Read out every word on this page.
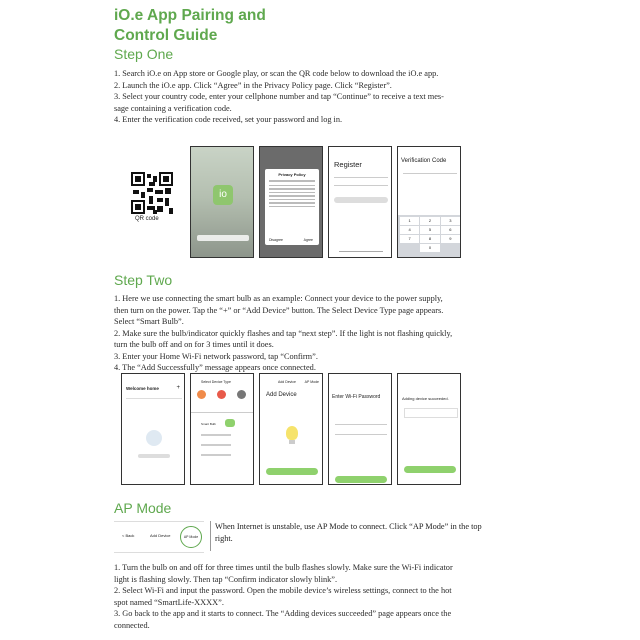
iO.e App Pairing and
Control Guide
Step One

1. Search iO.e on App store or Google play, or scan the QR code below to download the iO.e app.

2. Launch the iO.e app. Click “Agree” in the Privacy Policy page. Click “Register”.

3. Select your country code, enter your cellphone number and tap “Continue” to receive a text mes-

sage containing a verification code.

4. Enter the verification code received, set your password and log in.

QR code
io
Privacy Policy
Disagree	Agree
Register	Verification Code
1	2	3
4	5	6
7	8	9
0
Step Two

1. Here we use connecting the smart bulb as an example: Connect your device to the power supply,

then turn on the power. Tap the “+” or “Add Device” button. The Select Device Type page appears.

Select “Smart Bulb”.

2. Make sure the bulb/indicator quickly flashes and tap “next step”. If the light is not flashing quickly,

turn the bulb off and on for 3 times until it does.

3. Enter your Home Wi-Fi network password, tap “Confirm”.

4. The “Add Successfully” message appears once connected.

Welcome home	+
Select Device Type
Smart Bulb
Add Device	AP Mode
Add Device	Enter Wi-Fi Password	Adding device succeeded.
AP Mode
< Back	Add Device	AP Mode
When Internet is unstable, use AP Mode to connect. Click “AP Mode” in the top right.

1. Turn the bulb on and off for three times until the bulb flashes slowly. Make sure the Wi-Fi indicator

light is flashing slowly. Then tap “Confirm indicator slowly blink”.

2. Select Wi-Fi and input the password. Open the mobile device’s wireless settings, connect to the hot

spot named “SmartLife-XXXX”.

3. Go back to the app and it starts to connect. The “Adding devices succeeded” page appears once the

connected.
